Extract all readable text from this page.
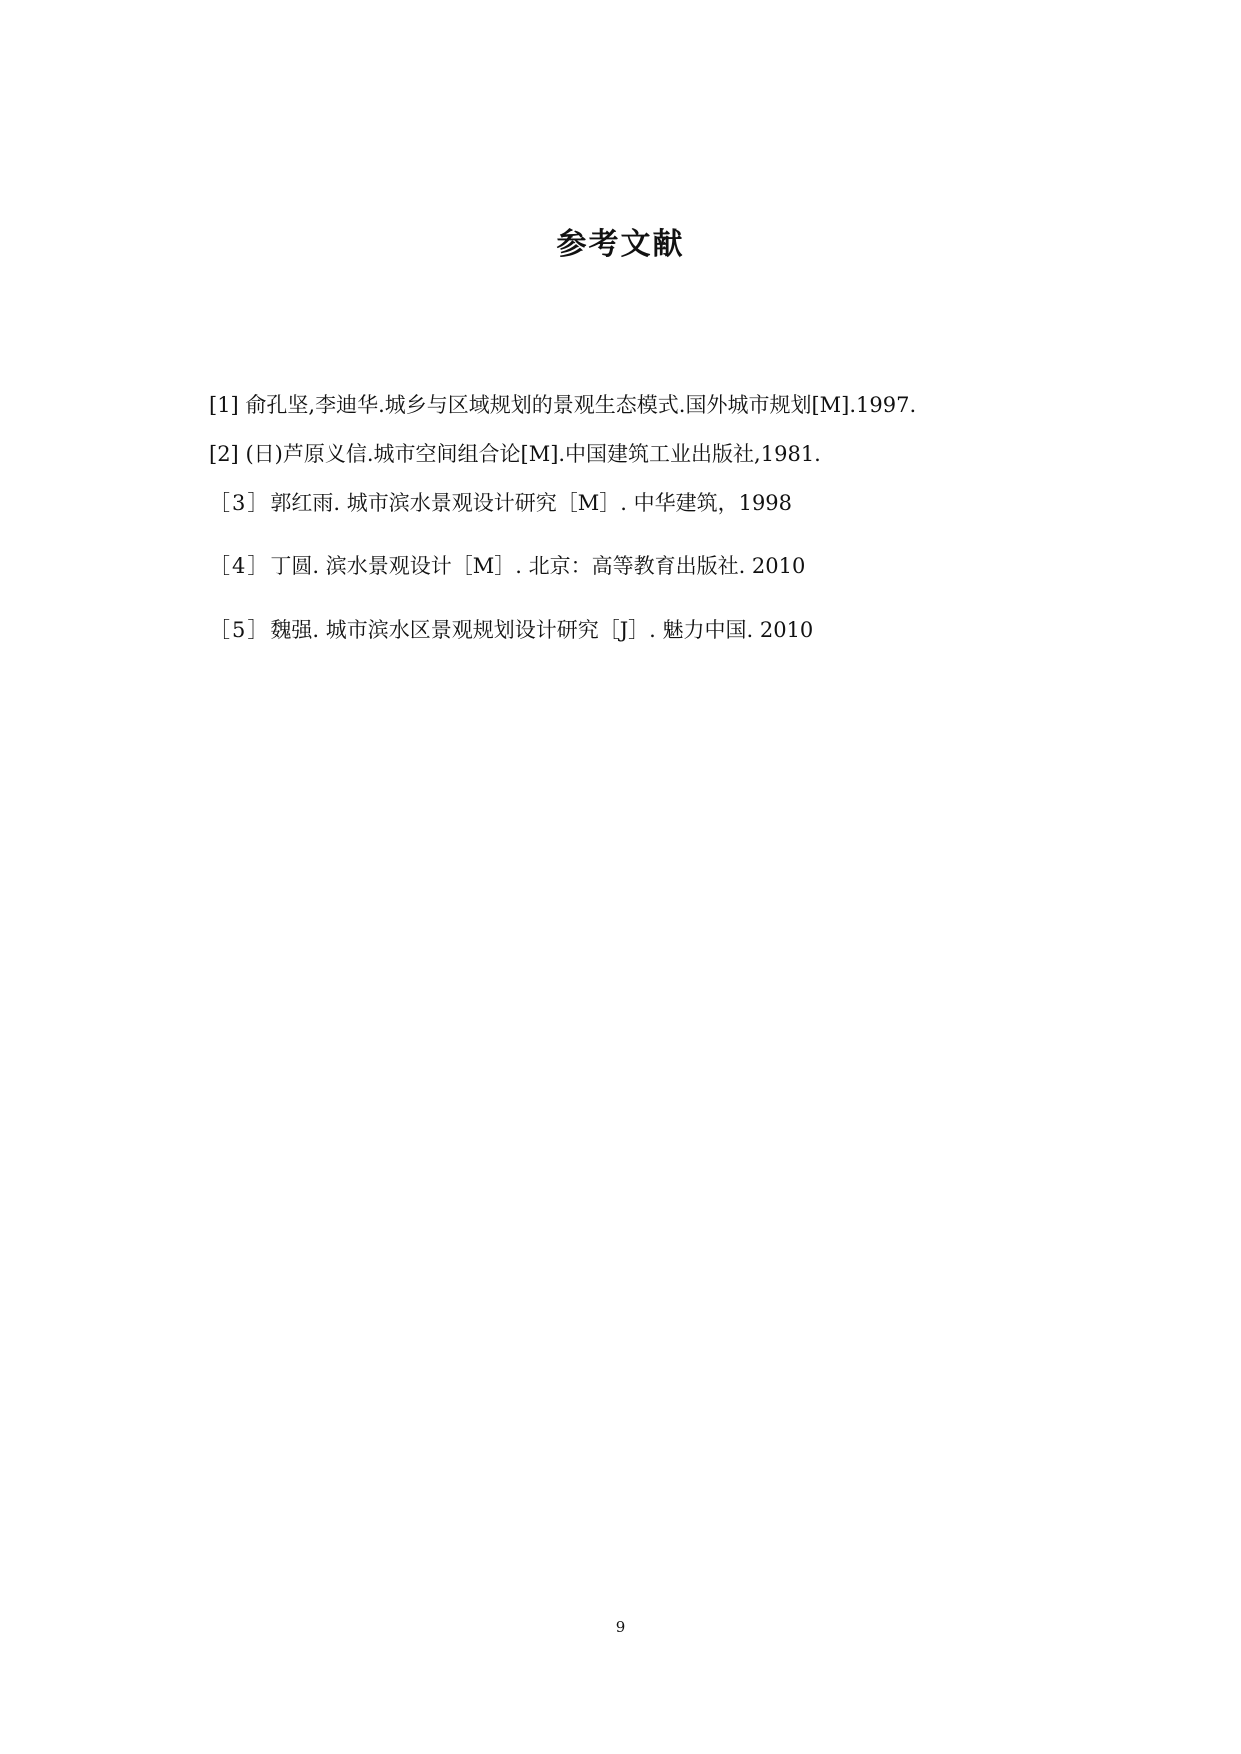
参考文献
[1] 俞孔坚,李迪华.城乡与区域规划的景观生态模式.国外城市规划[M].1997.
[2] (日)芦原义信.城市空间组合论[M].中国建筑工业出版社,1981.
［3］郭红雨. 城市滨水景观设计研究［M］. 中华建筑，1998
［4］丁圆. 滨水景观设计［M］. 北京：高等教育出版社. 2010
［5］魏强. 城市滨水区景观规划设计研究［J］. 魅力中国. 2010
9
